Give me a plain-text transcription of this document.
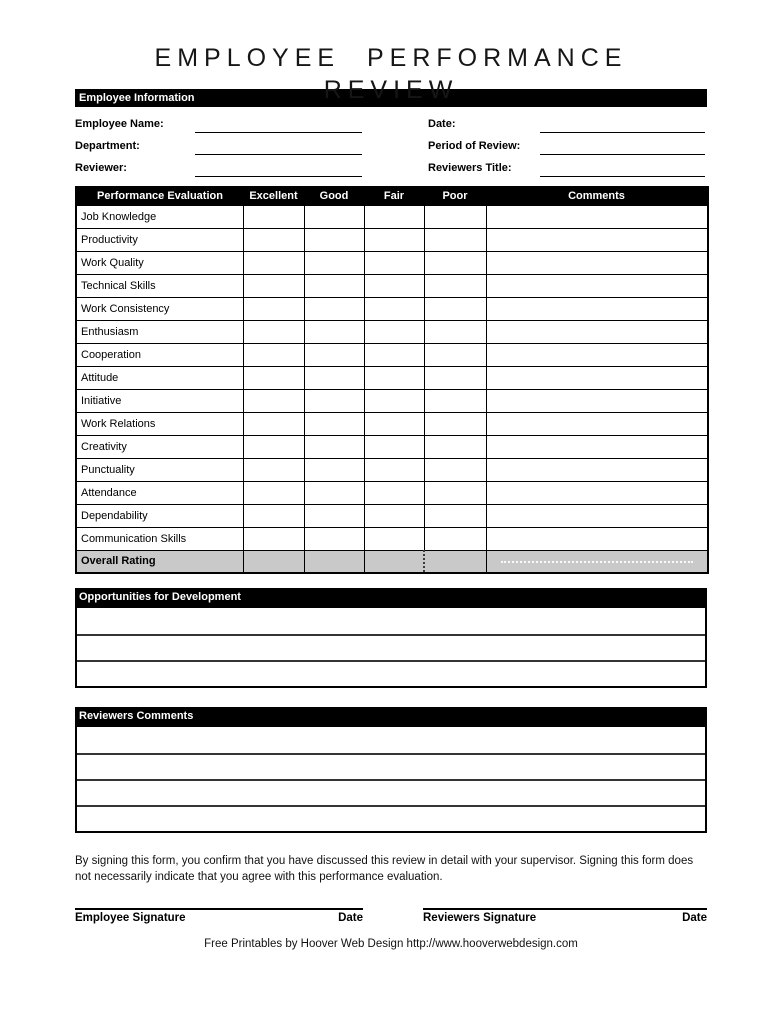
EMPLOYEE PERFORMANCE REVIEW
Employee Information
Employee Name:	Date:
Department:	Period of Review:
Reviewer:	Reviewers Title:
Performance Evaluation	Excellent	Good	Fair	Poor	Comments
Job Knowledge					
Productivity					
Work Quality					
Technical Skills					
Work Consistency					
Enthusiasm					
Cooperation					
Attitude					
Initiative					
Work Relations					
Creativity					
Punctuality					
Attendance					
Dependability					
Communication Skills					
Overall Rating					
Opportunities for Development
Reviewers Comments

By signing this form, you confirm that you have discussed this review in detail with your supervisor. Signing this form does not necessarily indicate that you agree with this performance evaluation.

Employee Signature	Date	Reviewers Signature	Date
Free Printables by Hoover Web Design http://www.hooverwebdesign.com
